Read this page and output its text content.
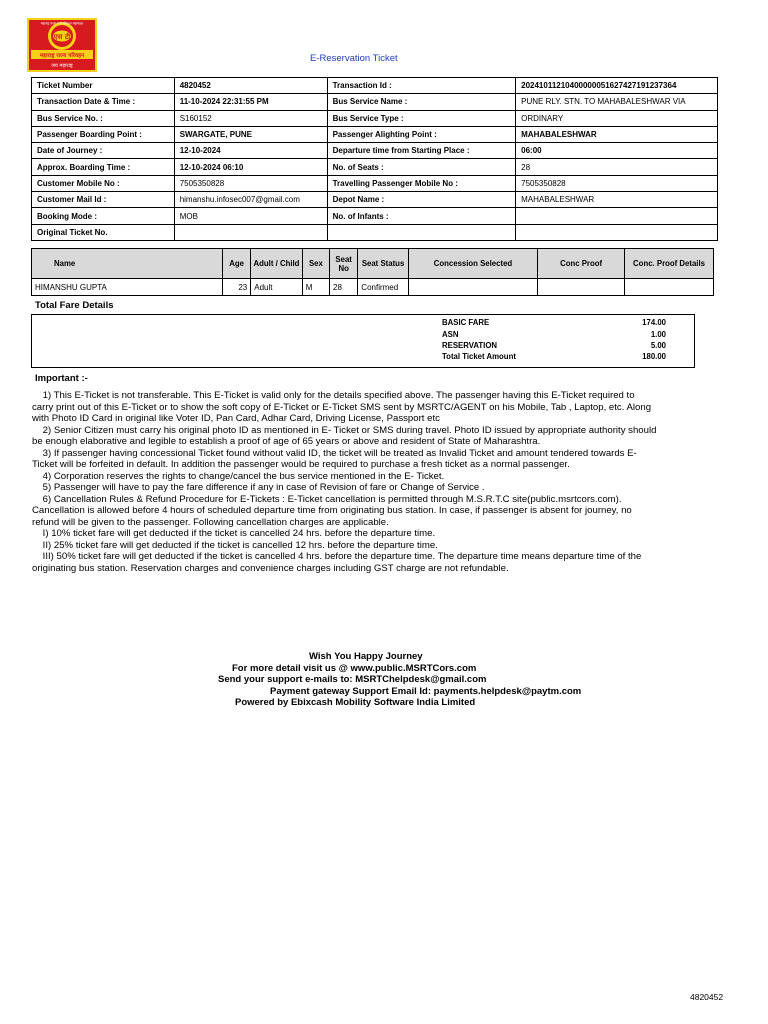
एस टी
महाराष्ट्र राज्य मार्ग परिवहन महामंडळ
महाराष्ट्र राज्य परिवहन
जय महाराष्ट्र
E-Reservation Ticket
Ticket Number	4820452	Transaction Id :	20241011210400000051627427191237364
Transaction Date & Time :	11-10-2024 22:31:55 PM	Bus Service Name :	PUNE RLY. STN. TO MAHABALESHWAR VIA
Bus Service No. :	S160152	Bus Service Type :	ORDINARY
Passenger Boarding Point :	SWARGATE, PUNE	Passenger Alighting Point :	MAHABALESHWAR
Date of Journey :	12-10-2024	Departure time from Starting Place :	06:00
Approx. Boarding Time :	12-10-2024 06:10	No. of Seats :	28
Customer Mobile No :	7505350828	Travelling Passenger Mobile No :	7505350828
Customer Mail Id :	himanshu.infosec007@gmail.com	Depot Name :	MAHABALESHWAR
Booking Mode :	MOB	No. of Infants :	
Original Ticket No.			
Name	Age	Adult / Child	Sex	Seat No	Seat Status	Concession Selected	Conc Proof	Conc. Proof Details
HIMANSHU GUPTA	23	Adult	M	28	Confirmed			
Total Fare Details
BASIC FARE	174.00
ASN	1.00
RESERVATION	5.00
Total Ticket Amount	180.00
Important :-

1) This E-Ticket is not transferable. This E-Ticket is valid only for the details specified above. The passenger having this E-Ticket required to carry print out of this E-Ticket or to show the soft copy of E-Ticket or E-Ticket SMS sent by MSRTC/AGENT on his Mobile, Tab , Laptop, etc. Along with Photo ID Card in original like Voter ID, Pan Card, Adhar Card, Driving License, Passport etc

2) Senior Citizen must carry his original photo ID as mentioned in E- Ticket or SMS during travel. Photo ID issued by appropriate authority should be enough elaborative and legible to establish a proof of age of 65 years or above and resident of State of Maharashtra.

3) If passenger having concessional Ticket found without valid ID, the ticket will be treated as Invalid Ticket and amount tendered towards E-Ticket will be forfeited in default. In addition the passenger would be required to purchase a fresh ticket as a normal passenger.

4) Corporation reserves the rights to change/cancel the bus service mentioned in the E- Ticket.

5) Passenger will have to pay the fare difference if any in case of Revision of fare or Change of Service .

6) Cancellation Rules & Refund Procedure for E-Tickets : E-Ticket cancellation is permitted through M.S.R.T.C site(public.msrtcors.com). Cancellation is allowed before 4 hours of scheduled departure time from originating bus station. In case, if passenger is absent for journey, no refund will be given to the passenger. Following cancellation charges are applicable.

I) 10% ticket fare will get deducted if the ticket is cancelled 24 hrs. before the departure time.

II) 25% ticket fare will get deducted if the ticket is cancelled 12 hrs. before the departure time.

III) 50% ticket fare will get deducted if the ticket is cancelled 4 hrs. before the departure time. The departure time means departure time of the originating bus station. Reservation charges and convenience charges including GST charge are not refundable.

Wish You Happy Journey
For more detail visit us @ www.public.MSRTCors.com
Send your support e-mails to: MSRTChelpdesk@gmail.com
Payment gateway Support Email Id: payments.helpdesk@paytm.com
Powered by Ebixcash Mobility Software India Limited
4820452
